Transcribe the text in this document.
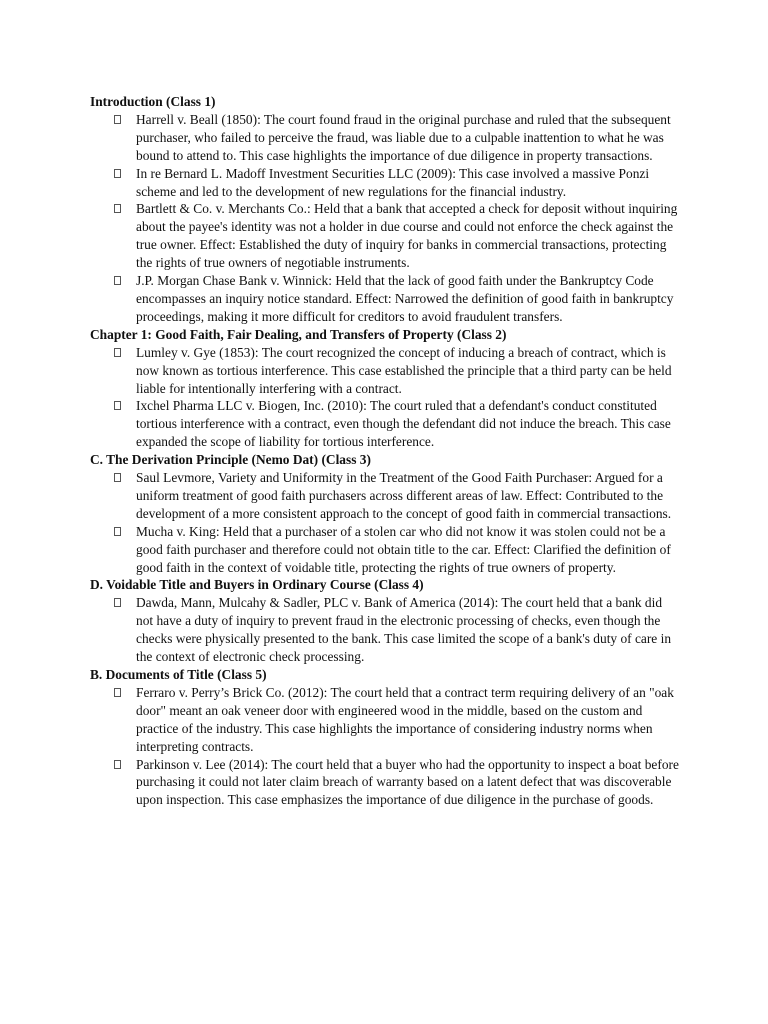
Introduction (Class 1)
Harrell v. Beall (1850): The court found fraud in the original purchase and ruled that the subsequent purchaser, who failed to perceive the fraud, was liable due to a culpable inattention to what he was bound to attend to. This case highlights the importance of due diligence in property transactions.
In re Bernard L. Madoff Investment Securities LLC (2009): This case involved a massive Ponzi scheme and led to the development of new regulations for the financial industry.
Bartlett & Co. v. Merchants Co.: Held that a bank that accepted a check for deposit without inquiring about the payee's identity was not a holder in due course and could not enforce the check against the true owner. Effect: Established the duty of inquiry for banks in commercial transactions, protecting the rights of true owners of negotiable instruments.
J.P. Morgan Chase Bank v. Winnick: Held that the lack of good faith under the Bankruptcy Code encompasses an inquiry notice standard. Effect: Narrowed the definition of good faith in bankruptcy proceedings, making it more difficult for creditors to avoid fraudulent transfers.
Chapter 1: Good Faith, Fair Dealing, and Transfers of Property (Class 2)
Lumley v. Gye (1853): The court recognized the concept of inducing a breach of contract, which is now known as tortious interference. This case established the principle that a third party can be held liable for intentionally interfering with a contract.
Ixchel Pharma LLC v. Biogen, Inc. (2010): The court ruled that a defendant's conduct constituted tortious interference with a contract, even though the defendant did not induce the breach. This case expanded the scope of liability for tortious interference.
C. The Derivation Principle (Nemo Dat) (Class 3)
Saul Levmore, Variety and Uniformity in the Treatment of the Good Faith Purchaser: Argued for a uniform treatment of good faith purchasers across different areas of law. Effect: Contributed to the development of a more consistent approach to the concept of good faith in commercial transactions.
Mucha v. King: Held that a purchaser of a stolen car who did not know it was stolen could not be a good faith purchaser and therefore could not obtain title to the car. Effect: Clarified the definition of good faith in the context of voidable title, protecting the rights of true owners of property.
D. Voidable Title and Buyers in Ordinary Course (Class 4)
Dawda, Mann, Mulcahy & Sadler, PLC v. Bank of America (2014): The court held that a bank did not have a duty of inquiry to prevent fraud in the electronic processing of checks, even though the checks were physically presented to the bank. This case limited the scope of a bank's duty of care in the context of electronic check processing.
B. Documents of Title (Class 5)
Ferraro v. Perry’s Brick Co. (2012): The court held that a contract term requiring delivery of an "oak door" meant an oak veneer door with engineered wood in the middle, based on the custom and practice of the industry. This case highlights the importance of considering industry norms when interpreting contracts.
Parkinson v. Lee (2014): The court held that a buyer who had the opportunity to inspect a boat before purchasing it could not later claim breach of warranty based on a latent defect that was discoverable upon inspection. This case emphasizes the importance of due diligence in the purchase of goods.
